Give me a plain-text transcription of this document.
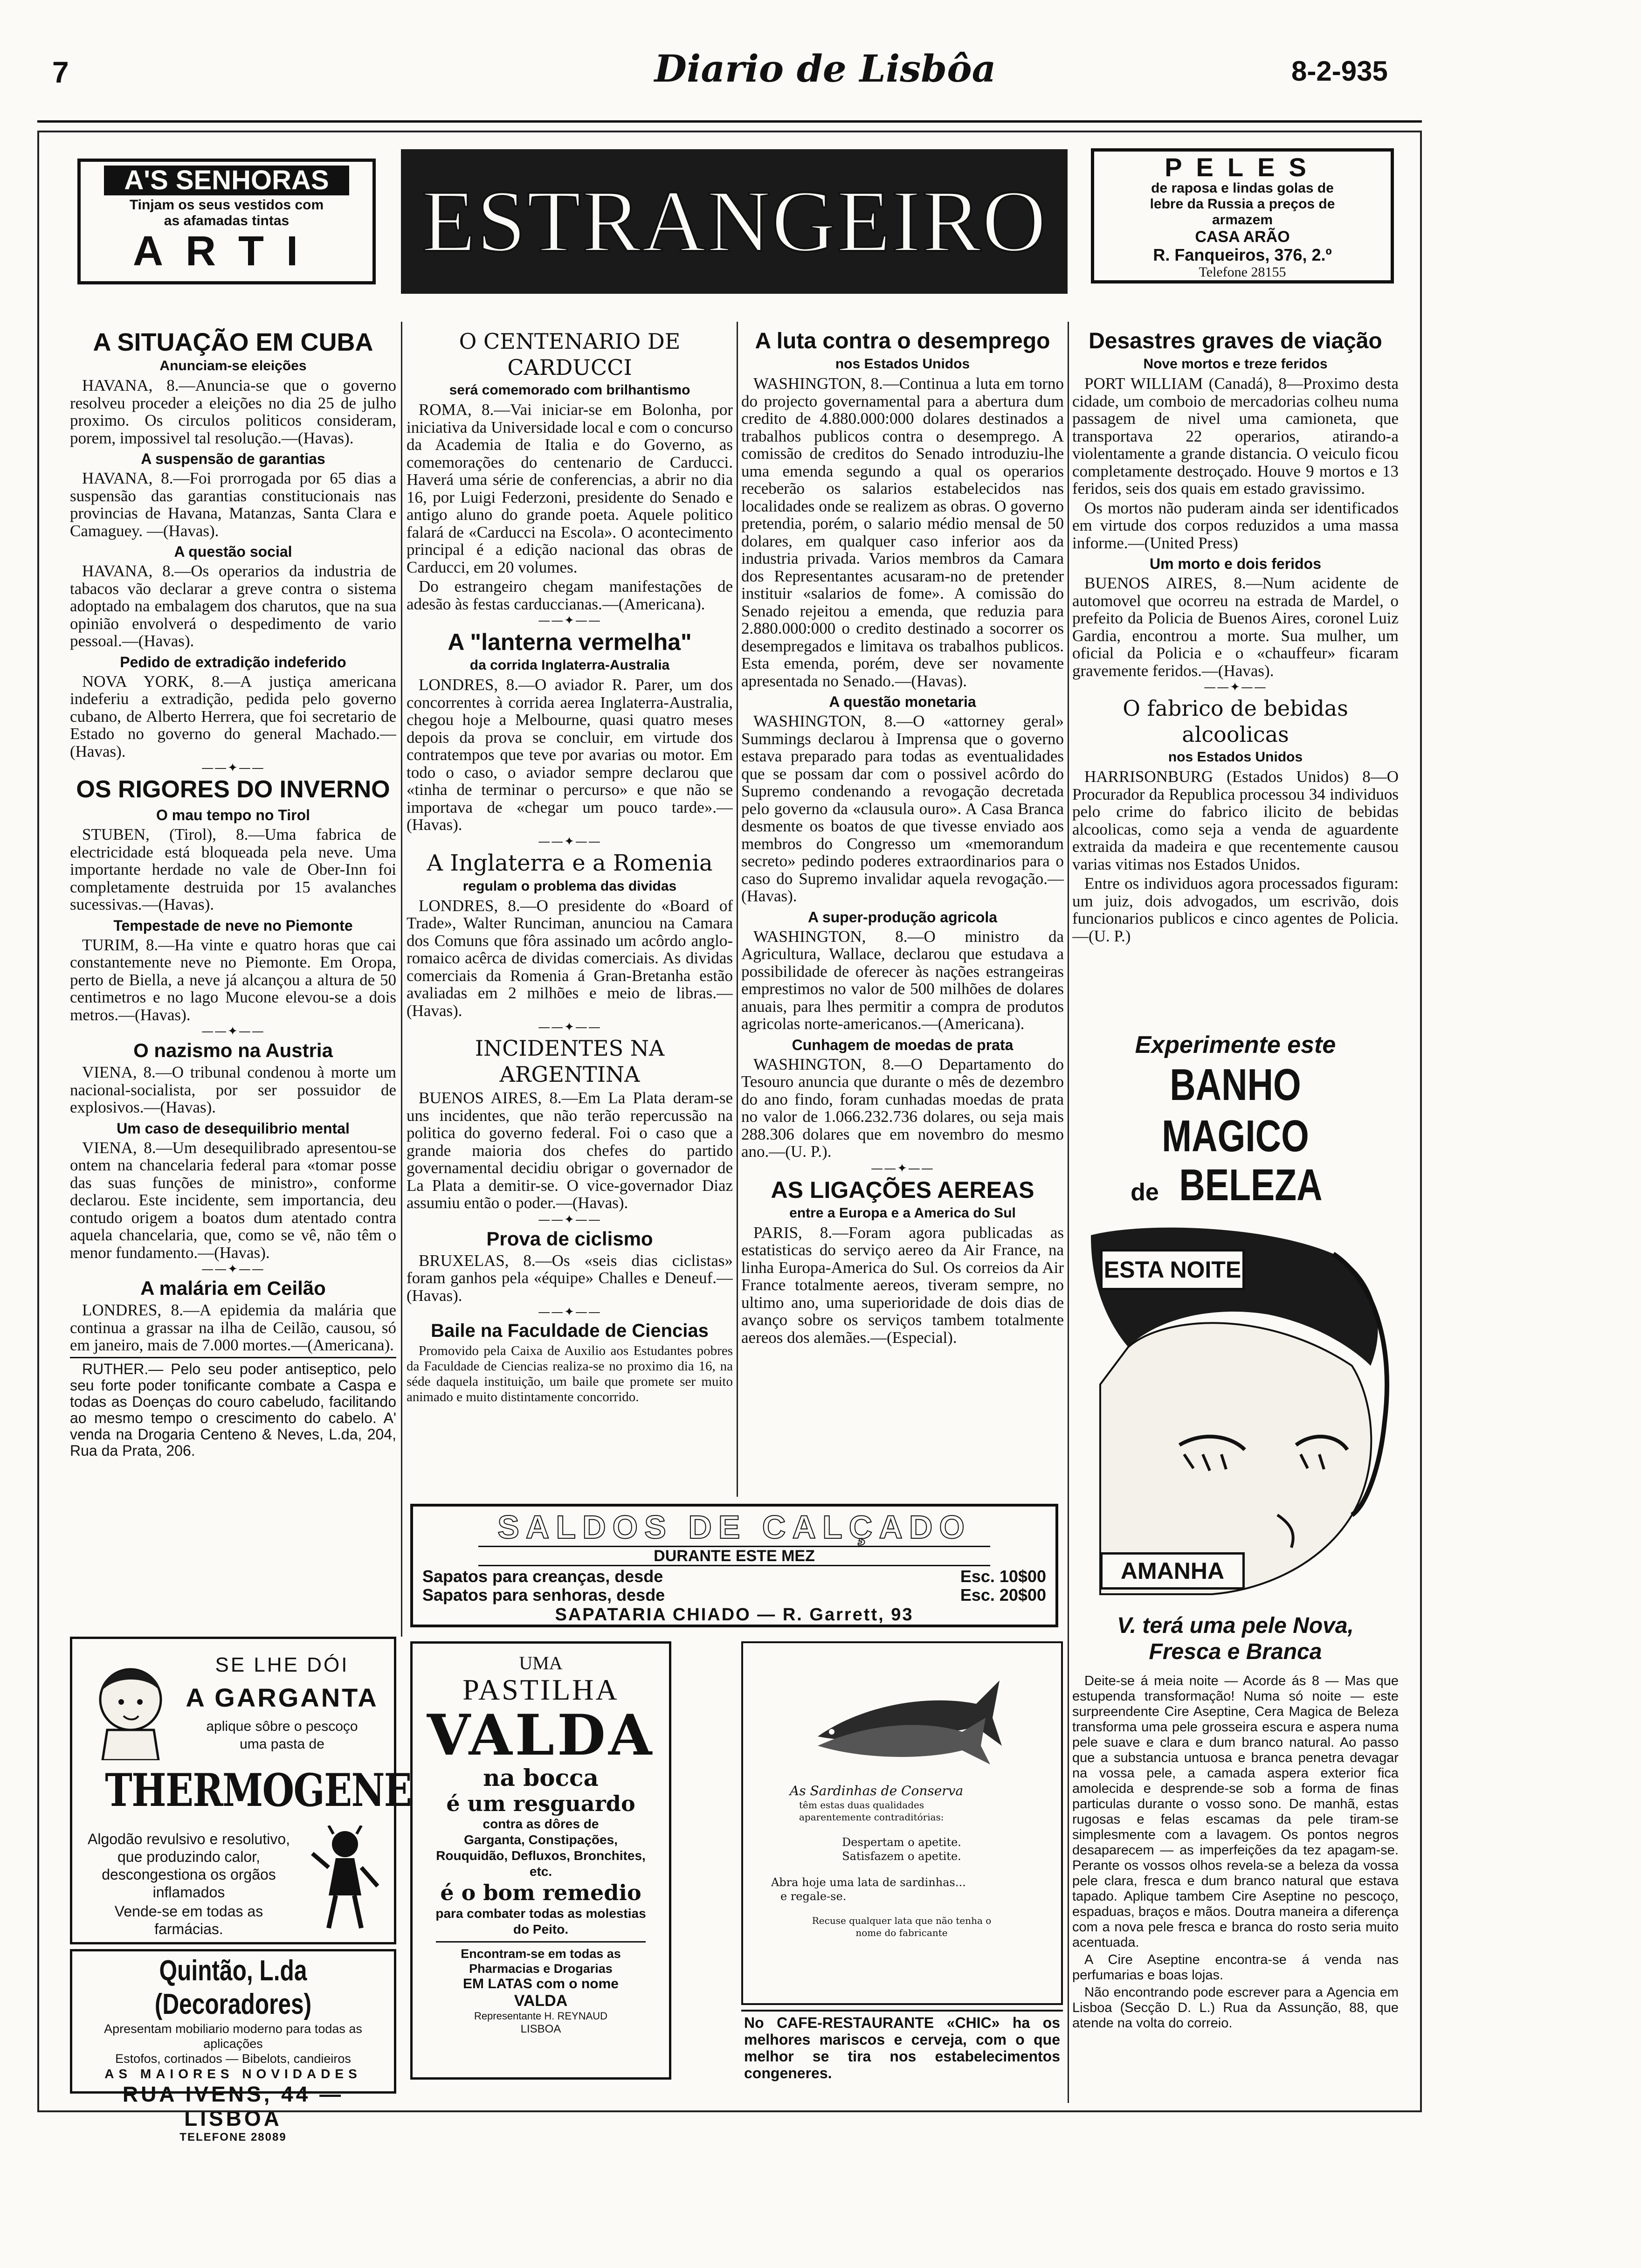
7	Diario de Lisbôa	8-2-935
A'S SENHORAS
Tinjam os seus vestidos com
as afamadas tintas
ARTI	ESTRANGEIRO
PELES
de raposa e lindas golas de
lebre da Russia a preços de
armazem
CASA ARÃO
R. Fanqueiros, 376, 2.º
Telefone 28155
A SITUAÇÃO EM CUBA
Anunciam-se eleições

HAVANA, 8.—Anuncia-se que o governo resolveu proceder a eleições no dia 25 de julho proximo. Os circulos politicos consideram, porem, impossivel tal resolução.—(Havas).

A suspensão de garantias

HAVANA, 8.—Foi prorrogada por 65 dias a suspensão das garantias constitucionais nas provincias de Havana, Matanzas, Santa Clara e Camaguey. —(Havas).

A questão social

HAVANA, 8.—Os operarios da industria de tabacos vão declarar a greve contra o sistema adoptado na embalagem dos charutos, que na sua opinião envolverá o despedimento de vario pessoal.—(Havas).

Pedido de extradição indeferido

NOVA YORK, 8.—A justiça americana indeferiu a extradição, pedida pelo governo cubano, de Alberto Herrera, que foi secretario de Estado no governo do general Machado.—(Havas).

——✦——
OS RIGORES DO INVERNO
O mau tempo no Tirol

STUBEN, (Tirol), 8.—Uma fabrica de electricidade está bloqueada pela neve. Uma importante herdade no vale de Ober-Inn foi completamente destruida por 15 avalanches sucessivas.—(Havas).

Tempestade de neve no Piemonte

TURIM, 8.—Ha vinte e quatro horas que cai constantemente neve no Piemonte. Em Oropa, perto de Biella, a neve já alcançou a altura de 50 centimetros e no lago Mucone elevou-se a dois metros.—(Havas).

——✦——
O nazismo na Austria

VIENA, 8.—O tribunal condenou à morte um nacional-socialista, por ser possuidor de explosivos.—(Havas).

Um caso de desequilibrio mental

VIENA, 8.—Um desequilibrado apresentou-se ontem na chancelaria federal para «tomar posse das suas funções de ministro», conforme declarou. Este incidente, sem importancia, deu contudo origem a boatos dum atentado contra aquela chancelaria, que, como se vê, não têm o menor fundamento.—(Havas).

——✦——
A malária em Ceilão

LONDRES, 8.—A epidemia da malária que continua a grassar na ilha de Ceilão, causou, só em janeiro, mais de 7.000 mortes.—(Americana).

RUTHER.— Pelo seu poder antiseptico, pelo seu forte poder tonificante combate a Caspa e todas as Doenças do couro cabeludo, facilitando ao mesmo tempo o crescimento do cabelo. A' venda na Drogaria Centeno & Neves, L.da, 204, Rua da Prata, 206.

O CENTENARIO DE CARDUCCI
será comemorado com brilhantismo

ROMA, 8.—Vai iniciar-se em Bolonha, por iniciativa da Universidade local e com o concurso da Academia de Italia e do Governo, as comemorações do centenario de Carducci. Haverá uma série de conferencias, a abrir no dia 16, por Luigi Federzoni, presidente do Senado e antigo aluno do grande poeta. Aquele politico falará de «Carducci na Escola». O acontecimento principal é a edição nacional das obras de Carducci, em 20 volumes.

Do estrangeiro chegam manifestações de adesão às festas carduccianas.—(Americana).

——✦——
A "lanterna vermelha"
da corrida Inglaterra-Australia

LONDRES, 8.—O aviador R. Parer, um dos concorrentes à corrida aerea Inglaterra-Australia, chegou hoje a Melbourne, quasi quatro meses depois da prova se concluir, em virtude dos contratempos que teve por avarias ou motor. Em todo o caso, o aviador sempre declarou que «tinha de terminar o percurso» e que não se importava de «chegar um pouco tarde».—(Havas).

——✦——
A Inglaterra e a Romenia
regulam o problema das dividas

LONDRES, 8.—O presidente do «Board of Trade», Walter Runciman, anunciou na Camara dos Comuns que fôra assinado um acôrdo anglo-romaico acêrca de dividas comerciais. As dividas comerciais da Romenia á Gran-Bretanha estão avaliadas em 2 milhões e meio de libras.—(Havas).

——✦——
INCIDENTES NA ARGENTINA

BUENOS AIRES, 8.—Em La Plata deram-se uns incidentes, que não terão repercussão na politica do governo federal. Foi o caso que a grande maioria dos chefes do partido governamental decidiu obrigar o governador de La Plata a demitir-se. O vice-governador Diaz assumiu então o poder.—(Havas).

——✦——
Prova de ciclismo

BRUXELAS, 8.—Os «seis dias ciclistas» foram ganhos pela «équipe» Challes e Deneuf.—(Havas).

——✦——
Baile na Faculdade de Ciencias

Promovido pela Caixa de Auxilio aos Estudantes pobres da Faculdade de Ciencias realiza-se no proximo dia 16, na séde daquela instituição, um baile que promete ser muito animado e muito distintamente concorrido.

A luta contra o desemprego
nos Estados Unidos

WASHINGTON, 8.—Continua a luta em torno do projecto governamental para a abertura dum credito de 4.880.000:000 dolares destinados a trabalhos publicos contra o desemprego. A comissão de creditos do Senado introduziu-lhe uma emenda segundo a qual os operarios receberão os salarios estabelecidos nas localidades onde se realizem as obras. O governo pretendia, porém, o salario médio mensal de 50 dolares, em qualquer caso inferior aos da industria privada. Varios membros da Camara dos Representantes acusaram-no de pretender instituir «salarios de fome». A comissão do Senado rejeitou a emenda, que reduzia para 2.880.000:000 o credito destinado a socorrer os desempregados e limitava os trabalhos publicos. Esta emenda, porém, deve ser novamente apresentada no Senado.—(Havas).

A questão monetaria

WASHINGTON, 8.—O «attorney geral» Summings declarou à Imprensa que o governo estava preparado para todas as eventualidades que se possam dar com o possivel acôrdo do Supremo condenando a revogação decretada pelo governo da «clausula ouro». A Casa Branca desmente os boatos de que tivesse enviado aos membros do Congresso um «memorandum secreto» pedindo poderes extraordinarios para o caso do Supremo invalidar aquela revogação.—(Havas).

A super-produção agricola

WASHINGTON, 8.—O ministro da Agricultura, Wallace, declarou que estudava a possibilidade de oferecer às nações estrangeiras emprestimos no valor de 500 milhões de dolares anuais, para lhes permitir a compra de produtos agricolas norte-americanos.—(Americana).

Cunhagem de moedas de prata

WASHINGTON, 8.—O Departamento do Tesouro anuncia que durante o mês de dezembro do ano findo, foram cunhadas moedas de prata no valor de 1.066.232.736 dolares, ou seja mais 288.306 dolares que em novembro do mesmo ano.—(U. P.).

——✦——
AS LIGAÇÕES AEREAS
entre a Europa e a America do Sul

PARIS, 8.—Foram agora publicadas as estatisticas do serviço aereo da Air France, na linha Europa-America do Sul. Os correios da Air France totalmente aereos, tiveram sempre, no ultimo ano, uma superioridade de dois dias de avanço sobre os serviços tambem totalmente aereos dos alemães.—(Especial).

Desastres graves de viação
Nove mortos e treze feridos

PORT WILLIAM (Canadá), 8—Proximo desta cidade, um comboio de mercadorias colheu numa passagem de nivel uma camioneta, que transportava 22 operarios, atirando-a violentamente a grande distancia. O veiculo ficou completamente destroçado. Houve 9 mortos e 13 feridos, seis dos quais em estado gravissimo.

Os mortos não puderam ainda ser identificados em virtude dos corpos reduzidos a uma massa informe.—(United Press)

Um morto e dois feridos

BUENOS AIRES, 8.—Num acidente de automovel que ocorreu na estrada de Mardel, o prefeito da Policia de Buenos Aires, coronel Luiz Gardia, encontrou a morte. Sua mulher, um oficial da Policia e o «chauffeur» ficaram gravemente feridos.—(Havas).

——✦——
O fabrico de bebidas alcoolicas
nos Estados Unidos

HARRISONBURG (Estados Unidos) 8—O Procurador da Republica processou 34 individuos pelo crime do fabrico ilicito de bebidas alcoolicas, como seja a venda de aguardente extraida da madeira e que recentemente causou varias vitimas nos Estados Unidos.

Entre os individuos agora processados figuram: um juiz, dois advogados, um escrivão, dois funcionarios publicos e cinco agentes de Policia.—(U. P.)

Experimente este
BANHO MAGICO
de BELEZA
ESTA NOITE
AMANHA
V. terá uma pele Nova,
Fresca e Branca

Deite-se á meia noite — Acorde ás 8 — Mas que estupenda transformação! Numa só noite — este surpreendente Cire Aseptine, Cera Magica de Beleza transforma uma pele grosseira escura e aspera numa pele suave e clara e dum branco natural. Ao passo que a substancia untuosa e branca penetra devagar na vossa pele, a camada aspera exterior fica amolecida e desprende-se sob a forma de finas particulas durante o vosso sono. De manhã, estas rugosas e felas escamas da pele tiram-se simplesmente com a lavagem. Os pontos negros desaparecem — as imperfeições da tez apagam-se. Perante os vossos olhos revela-se a beleza da vossa pele clara, fresca e dum branco natural que estava tapado. Aplique tambem Cire Aseptine no pescoço, espaduas, braços e mãos. Doutra maneira a diferença com a nova pele fresca e branca do rosto seria muito acentuada.

A Cire Aseptine encontra-se á venda nas perfumarias e boas lojas.

Não encontrando pode escrever para a Agencia em Lisboa (Secção D. L.) Rua da Assunção, 88, que atende na volta do correio.

SALDOS DE CALÇADO
DURANTE ESTE MEZ
Sapatos para creanças, desde	Esc. 10$00
Sapatos para senhoras, desde	Esc. 20$00
SAPATARIA CHIADO — R. Garrett, 93
SE LHE DÓI
A GARGANTA
aplique sôbre o pescoço
uma pasta de
THERMOGENE
Algodão revulsivo e resolutivo, que produzindo calor, descongestiona os orgãos inflamados
Vende-se em todas as farmácias.
Quintão, L.da (Decoradores)
Apresentam mobiliario moderno para todas as aplicações
Estofos, cortinados — Bibelots, candieiros
AS MAIORES NOVIDADES
RUA IVENS, 44 — LISBOA
TELEFONE 28089
UMA
PASTILHA
VALDA
na bocca
é um resguardo
contra as dôres de
Garganta, Constipações, Rouquidão, Defluxos, Bronchites, etc.
é o bom remedio
para combater todas as molestias do Peito.
Encontram-se em todas as Pharmacias e Drogarias
EM LATAS com o nome
VALDA
Representante H. REYNAUD
LISBOA
As Sardinhas de Conserva
têm estas duas qualidades aparentemente contraditórias:
Despertam o apetite.
Satisfazem o apetite.
Abra hoje uma lata de sardinhas...
e regale-se.
Recuse qualquer lata que não tenha o nome do fabricante

No CAFE-RESTAURANTE «CHIC» ha os melhores mariscos e cerveja, com o que melhor se tira nos estabelecimentos congeneres.
